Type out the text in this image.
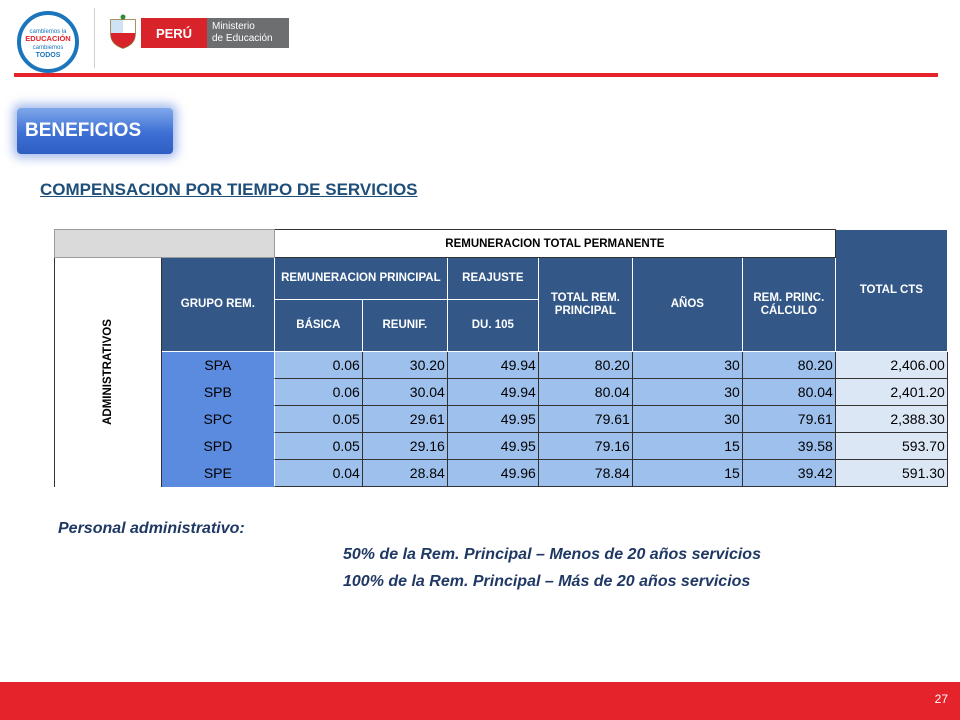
cambiemos la
EDUCACIÓN
cambiemos
TODOS
PERÚ	Ministerio
de Educación
BENEFICIOS
COMPENSACION POR TIEMPO DE SERVICIOS
		REMUNERACION TOTAL PERMANENTE						TOTAL CTS
ADMINISTRATIVOS	GRUPO REM.	REMUNERACION PRINCIPAL		REAJUSTE	TOTAL REM. PRINCIPAL	AÑOS	REM. PRINC. CÁLCULO	
		BÁSICA	REUNIF.	DU. 105				
	SPA	0.06	30.20	49.94	80.20	30	80.20	2,406.00
	SPB	0.06	30.04	49.94	80.04	30	80.04	2,401.20
	SPC	0.05	29.61	49.95	79.61	30	79.61	2,388.30
	SPD	0.05	29.16	49.95	79.16	15	39.58	593.70
	SPE	0.04	28.84	49.96	78.84	15	39.42	591.30
Personal administrativo:
50% de la Rem. Principal – Menos de 20 años servicios
100% de la Rem. Principal – Más de 20 años servicios
27
